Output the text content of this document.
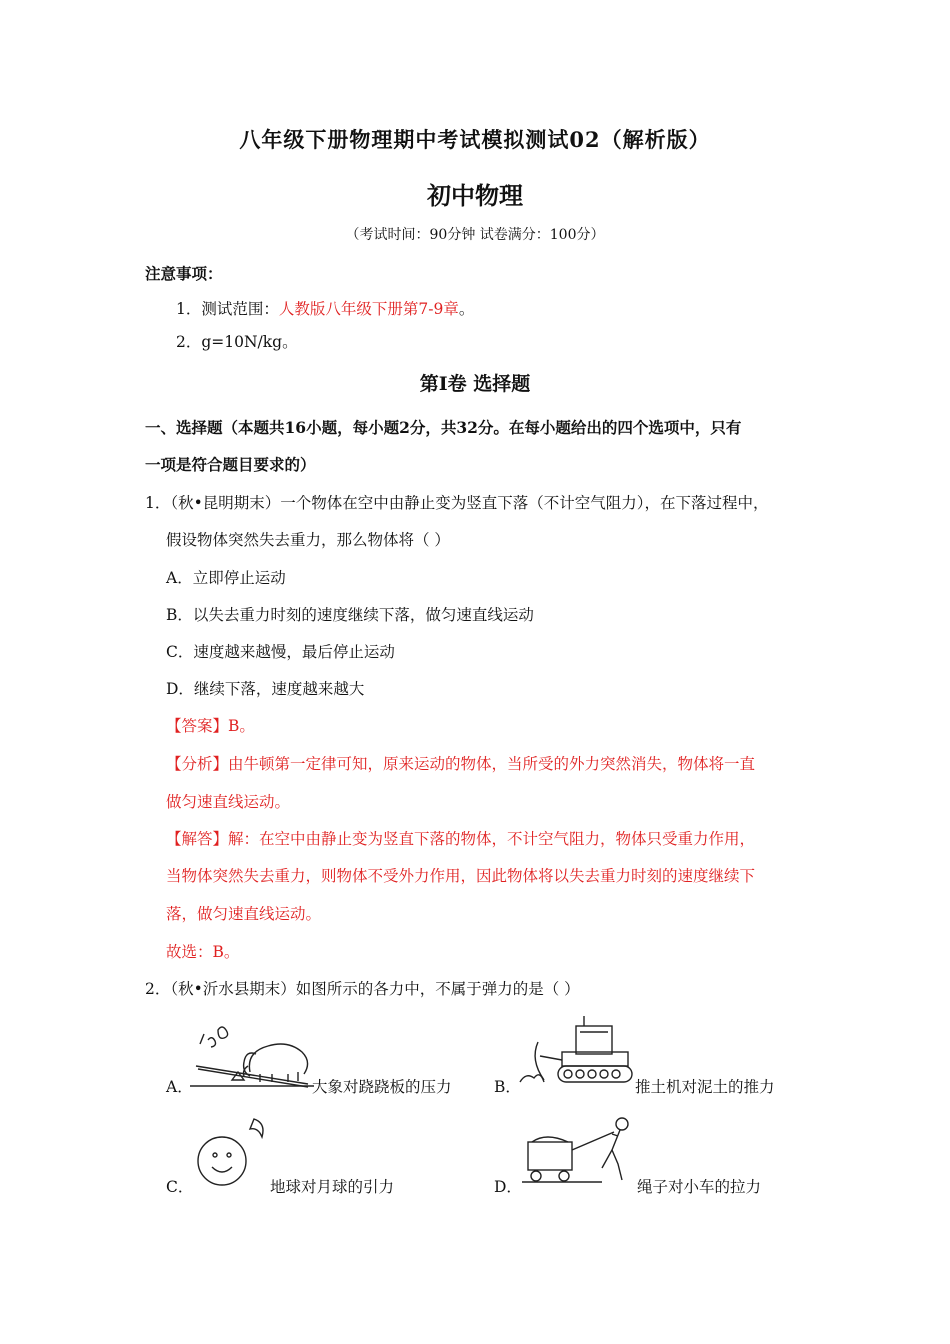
八年级下册物理期中考试模拟测试02（解析版）
初中物理
（考试时间：90分钟 试卷满分：100分）
注意事项：
1．测试范围：人教版八年级下册第7-9章。
2．g=10N/kg。
第Ⅰ卷 选择题
一、选择题（本题共16小题，每小题2分，共32分。在每小题给出的四个选项中，只有
一项是符合题目要求的）
1．（秋•昆明期末）一个物体在空中由静止变为竖直下落（不计空气阻力），在下落过程中，
假设物体突然失去重力，那么物体将（ ）
A．立即停止运动
B．以失去重力时刻的速度继续下落，做匀速直线运动
C．速度越来越慢，最后停止运动
D．继续下落，速度越来越大
【答案】B。
【分析】由牛顿第一定律可知，原来运动的物体，当所受的外力突然消失，物体将一直
做匀速直线运动。
【解答】解：在空中由静止变为竖直下落的物体，不计空气阻力，物体只受重力作用，
当物体突然失去重力，则物体不受外力作用，因此物体将以失去重力时刻的速度继续下
落，做匀速直线运动。
故选：B。
2．（秋•沂水县期末）如图所示的各力中，不属于弹力的是（ ）
A．	大象对跷跷板的压力	B．	推土机对泥土的推力
C．	地球对月球的引力	D．	绳子对小车的拉力
